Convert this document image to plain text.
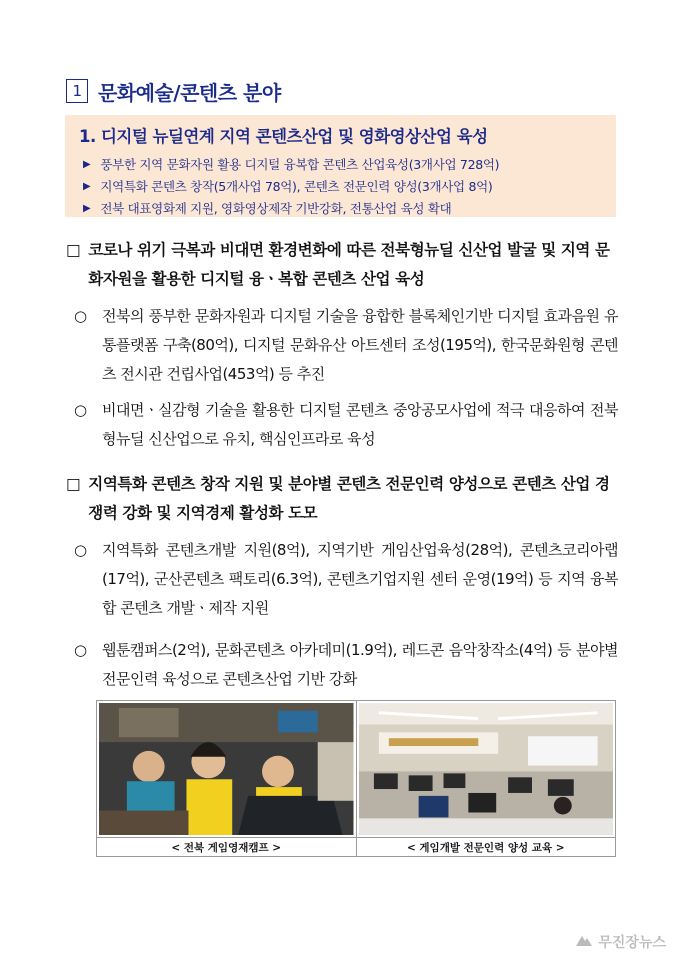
1 문화예술/콘텐츠 분야
1. 디지털 뉴딜연계 지역 콘텐츠산업 및 영화영상산업 육성
▶ 풍부한 지역 문화자원 활용 디지털 융복합 콘텐츠 산업육성(3개사업 728억)
▶ 지역특화 콘텐츠 창작(5개사업 78억), 콘텐츠 전문인력 양성(3개사업 8억)
▶ 전북 대표영화제 지원, 영화영상제작 기반강화, 전통산업 육성 확대
□ 코로나 위기 극복과 비대면 환경변화에 따른 전북형뉴딜 신산업 발굴 및 지역 문화자원을 활용한 디지털 융ㆍ복합 콘텐츠 산업 육성
○	전북의 풍부한 문화자원과 디지털 기술을 융합한 블록체인기반 디지털 효과음원 유통플랫폼 구축(80억), 디지털 문화유산 아트센터 조성(195억), 한국문화원형 콘텐츠 전시관 건립사업(453억) 등 추진
○	비대면ㆍ실감형 기술을 활용한 디지털 콘텐츠 중앙공모사업에 적극 대응하여 전북형뉴딜 신산업으로 유치, 핵심인프라로 육성
□ 지역특화 콘텐츠 창작 지원 및 분야별 콘텐츠 전문인력 양성으로 콘텐츠 산업 경쟁력 강화 및 지역경제 활성화 도모
○	지역특화 콘텐츠개발 지원(8억), 지역기반 게임산업육성(28억), 콘텐츠코리아랩(17억), 군산콘텐츠 팩토리(6.3억), 콘텐츠기업지원 센터 운영(19억) 등 지역 융복합 콘텐츠 개발ㆍ제작 지원
○	웹툰캠퍼스(2억), 문화콘텐츠 아카데미(1.9억), 레드콘 음악창작소(4억) 등 분야별 전문인력 육성으로 콘텐츠산업 기반 강화
< 전북 게임영재캠프 >	< 게임개발 전문인력 양성 교육 >
무진장뉴스
